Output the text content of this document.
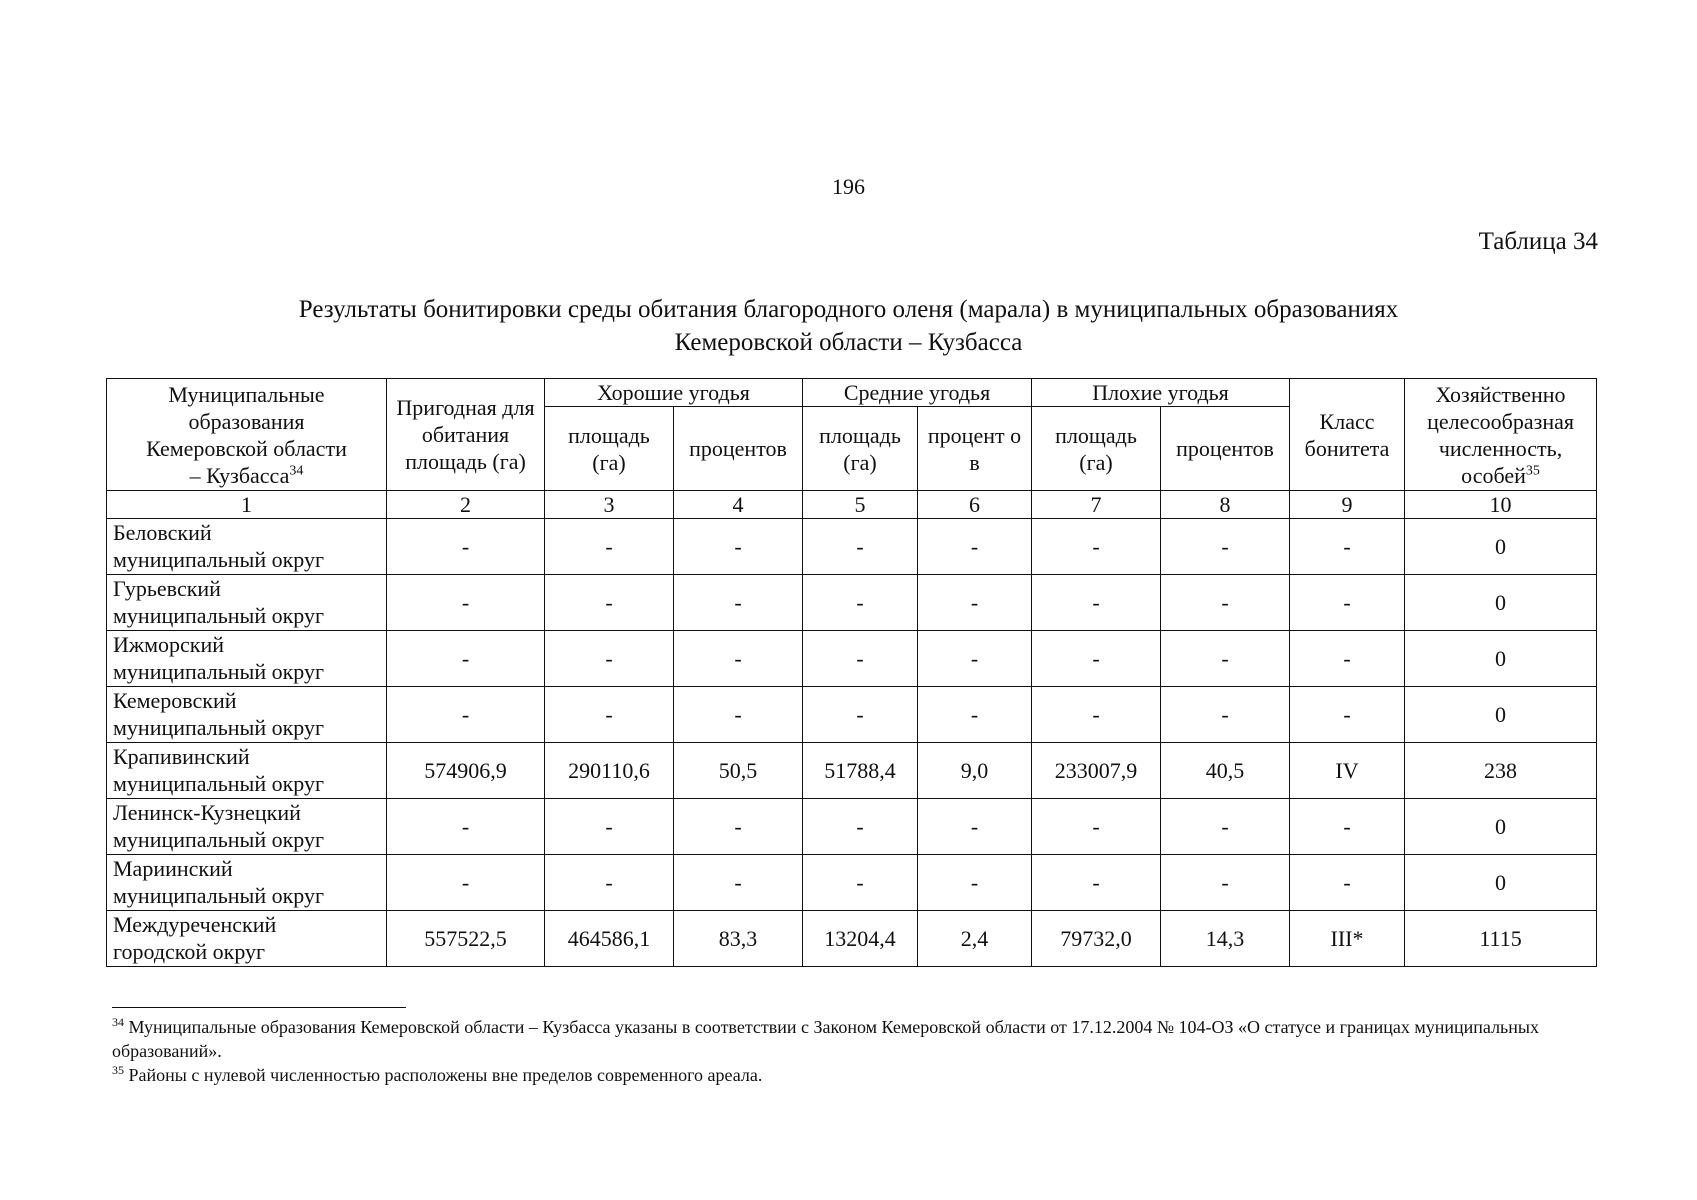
196
Таблица 34
Результаты бонитировки среды обитания благородного оленя (марала) в муниципальных образованиях
Кемеровской области – Кузбасса
Муниципальные образования Кемеровской области – Кузбасса$^{34}$	Пригодная для обитания площадь (га)	Хорошие угодья		Средние угодья		Плохие угодья		Класс бонитета	Хозяйственно целесообразная численность, особей$^{35}$
		площадь (га)	процентов	площадь (га)	процент о в	площадь (га)	процентов		
1	2	3	4	5	6	7	8	9	10

Беловский
муниципальный округ	-	-	-	-	-	-	-	-	0

Гурьевский
муниципальный округ	-	-	-	-	-	-	-	-	0

Ижморский
муниципальный округ	-	-	-	-	-	-	-	-	0

Кемеровский
муниципальный округ	-	-	-	-	-	-	-	-	0

Крапивинский
муниципальный округ	574906,9	290110,6	50,5	51788,4	9,0	233007,9	40,5	IV	238

Ленинск-Кузнецкий
муниципальный округ	-	-	-	-	-	-	-	-	0

Мариинский
муниципальный округ	-	-	-	-	-	-	-	-	0

Междуреченский
городской округ	557522,5	464586,1	83,3	13204,4	2,4	79732,0	14,3	III*	1115

$^{34}$ Муниципальные образования Кемеровской области – Кузбасса указаны в соответствии с Законом Кемеровской области от 17.12.2004 № 104-ОЗ «О статусе и границах муниципальных образований».

$^{35}$ Районы с нулевой численностью расположены вне пределов современного ареала.
